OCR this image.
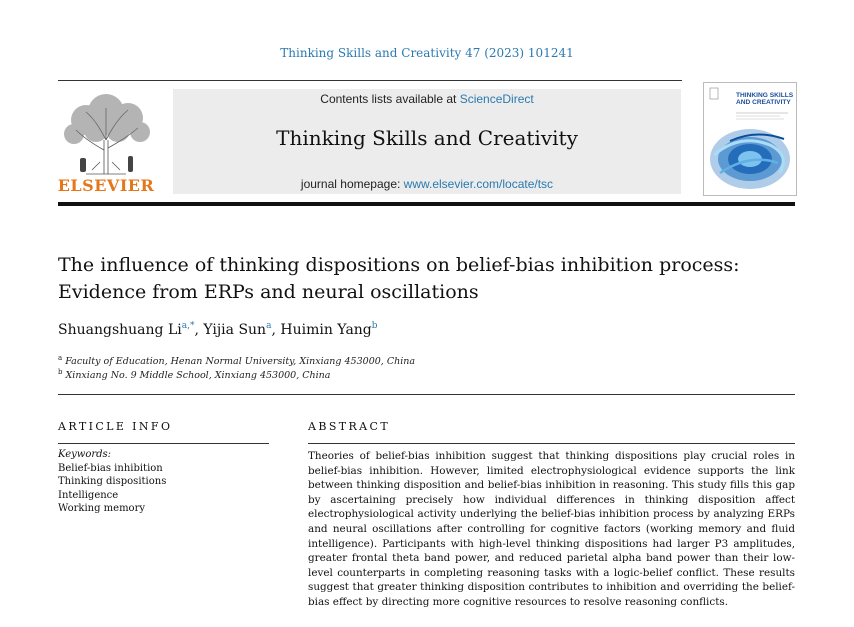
Thinking Skills and Creativity 47 (2023) 101241
ELSEVIER
Contents lists available at ScienceDirect
Thinking Skills and Creativity
journal homepage: www.elsevier.com/locate/tsc
THINKING SKILLS AND CREATIVITY
The influence of thinking dispositions on belief-bias inhibition process: Evidence from ERPs and neural oscillations
Shuangshuang $Li^{a,*}$, Yijia Sun$^a$, Huimin Yang$^b$
$^a$ Faculty of Education, Henan Normal University, Xinxiang 453000, China
$^b$ Xinxiang No. 9 Middle School, Xinxiang 453000, China
ARTICLE INFO
Keywords:
Belief-bias inhibition
Thinking dispositions
Intelligence
Working memory
ABSTRACT
Theories of belief-bias inhibition suggest that thinking dispositions play crucial roles in belief-bias inhibition. However, limited electrophysiological evidence supports the link between thinking disposition and belief-bias inhibition in reasoning. This study fills this gap by ascertaining precisely how individual differences in thinking disposition affect electrophysiological activity underlying the belief-bias inhibition process by analyzing ERPs and neural oscillations after controlling for cognitive factors (working memory and fluid intelligence). Participants with high-level thinking dispositions had larger P3 amplitudes, greater frontal theta band power, and reduced parietal alpha band power than their low-level counterparts in completing reasoning tasks with a logic-belief conflict. These results suggest that greater thinking disposition contributes to inhibition and overriding the belief-bias effect by directing more cognitive resources to resolve reasoning conflicts.
